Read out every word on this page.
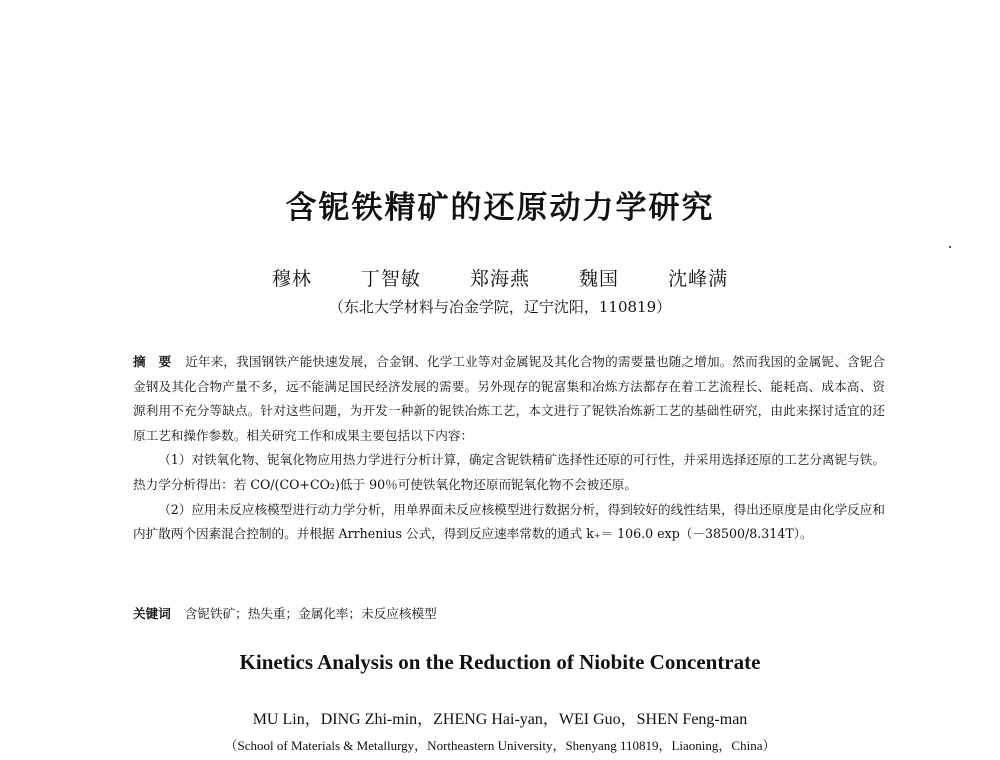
含铌铁精矿的还原动力学研究
穆林	丁智敏	郑海燕	魏国	沈峰满
（东北大学材料与冶金学院，辽宁沈阳，110819）

摘　要 近年来，我国钢铁产能快速发展，合金钢、化学工业等对金属铌及其化合物的需要量也随之增加。然而我国的金属铌、含铌合金钢及其化合物产量不多，远不能满足国民经济发展的需要。另外现存的铌富集和冶炼方法都存在着工艺流程长、能耗高、成本高、资源利用不充分等缺点。针对这些问题，为开发一种新的铌铁冶炼工艺，本文进行了铌铁冶炼新工艺的基础性研究，由此来探讨适宜的还原工艺和操作参数。相关研究工作和成果主要包括以下内容：

（1）对铁氧化物、铌氧化物应用热力学进行分析计算，确定含铌铁精矿选择性还原的可行性，并采用选择还原的工艺分离铌与铁。热力学分析得出：若 CO/(CO+CO₂)低于 90％可使铁氧化物还原而铌氧化物不会被还原。

（2）应用未反应核模型进行动力学分析，用单界面未反应核模型进行数据分析，得到较好的线性结果，得出还原度是由化学反应和内扩散两个因素混合控制的。并根据 Arrhenius 公式，得到反应速率常数的通式 k₊＝ 106.0 exp（－38500/8.314T）。

关键词 含铌铁矿；热失重；金属化率；未反应核模型
Kinetics Analysis on the Reduction of Niobite Concentrate
MU Lin，DING Zhi-min，ZHENG Hai-yan，WEI Guo，SHEN Feng-man
（School of Materials & Metallurgy，Northeastern University，Shenyang 110819，Liaoning，China）
